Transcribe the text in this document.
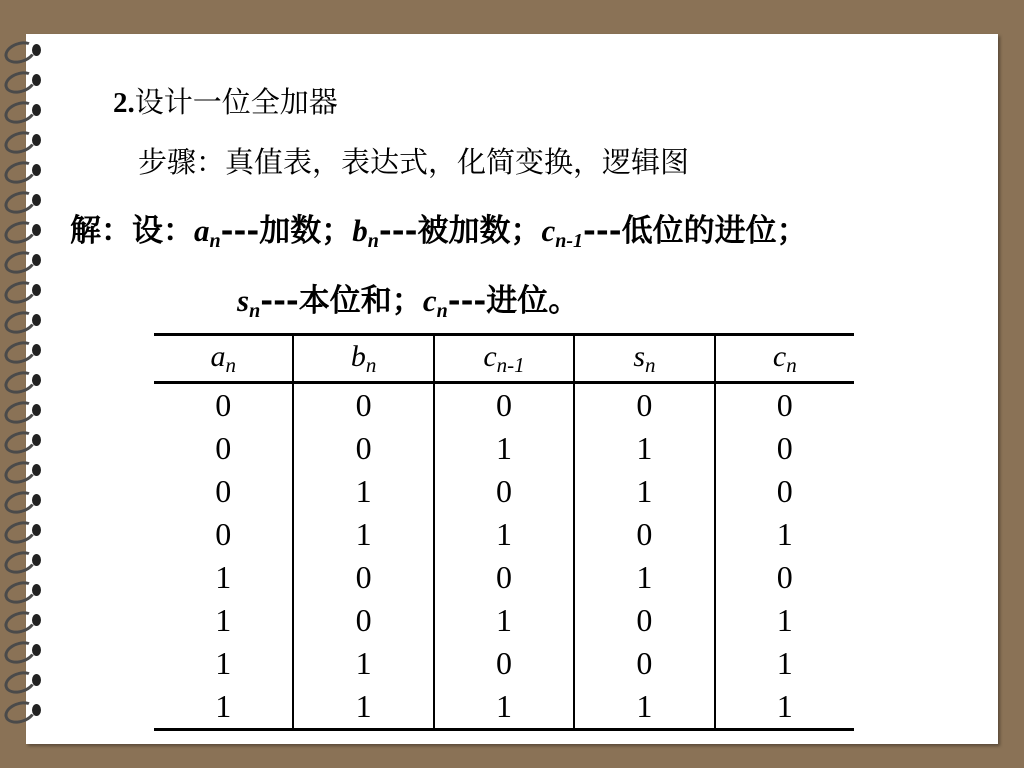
2.设计一位全加器
步骤：真值表，表达式，化简变换，逻辑图
解：设：$a_n---$加数；$b_n---$被加数；$c_{n-1}---$低位的进位；
$s_n---$本位和；$c_n---$进位。
$a_n$	$b_n$	$c_{n-1}$	$s_n$	$c_n$
0	0	0	0	0
0	0	1	1	0
0	1	0	1	0
0	1	1	0	1
1	0	0	1	0
1	0	1	0	1
1	1	0	0	1
1	1	1	1	1
